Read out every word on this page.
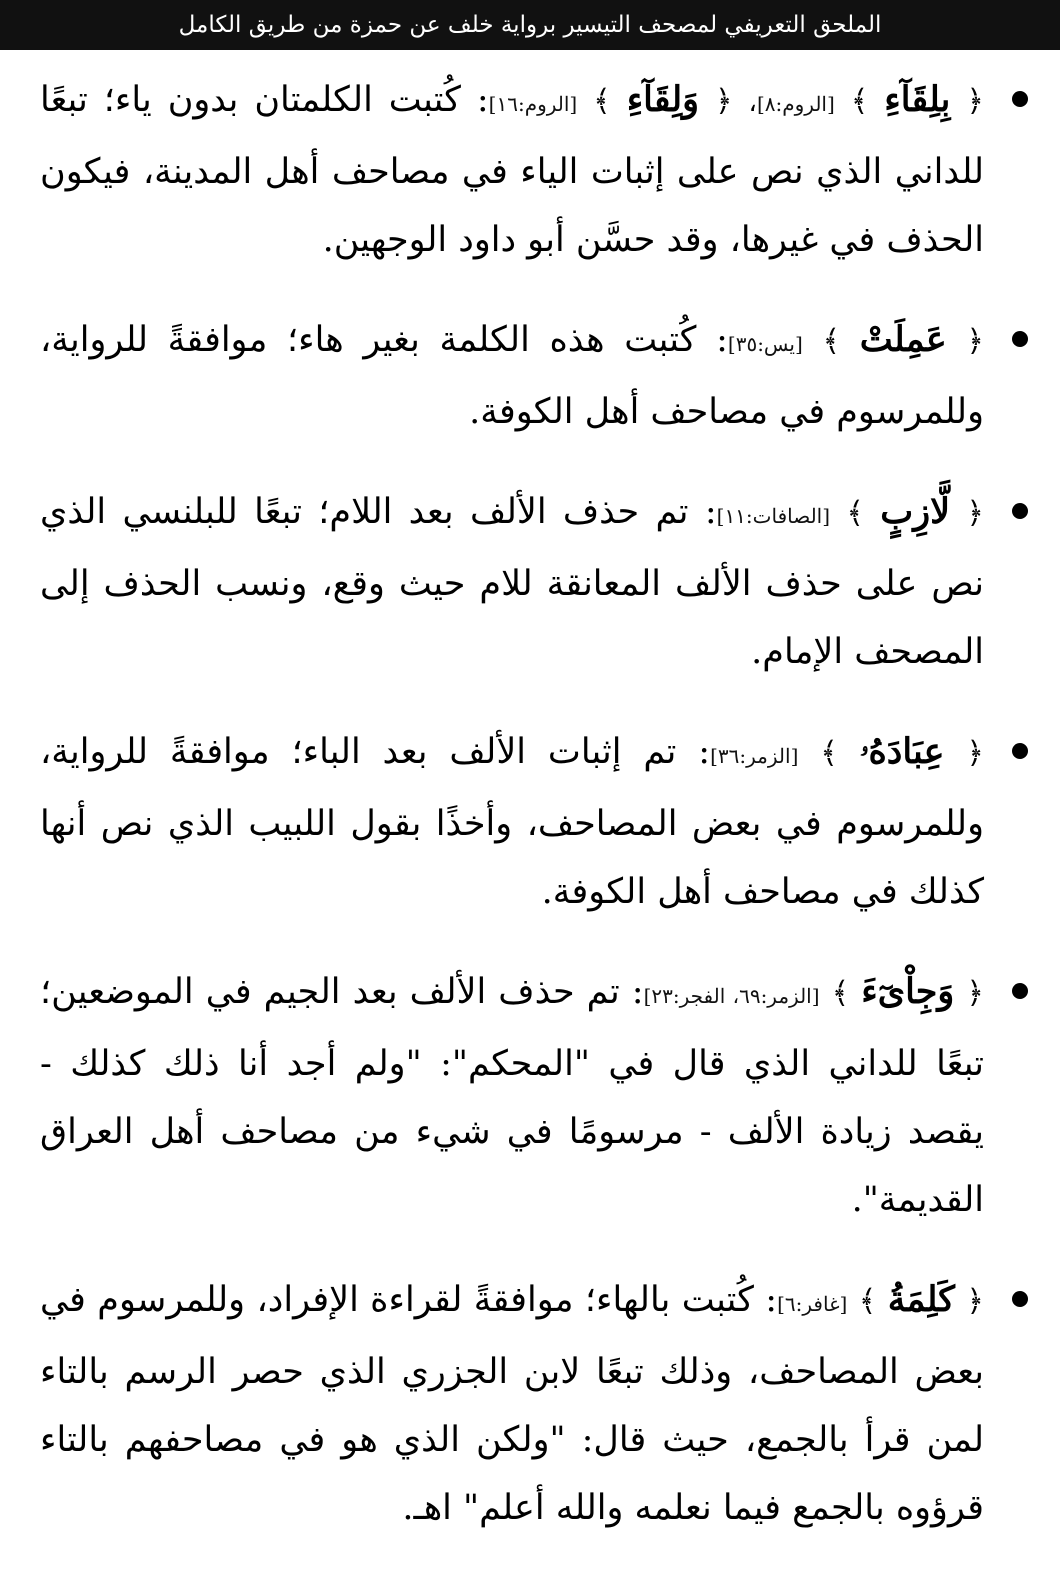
الملحق التعريفي لمصحف التيسير برواية خلف عن حمزة من طريق الكامل
﴿ بِلِقَآءِ ﴾ [الروم:٨]، ﴿ وَلِقَآءِ ﴾ [الروم:١٦]: كُتبت الكلمتان بدون ياء؛ تبعًا للداني الذي نص على إثبات الياء في مصاحف أهل المدينة، فيكون الحذف في غيرها، وقد حسَّن أبو داود الوجهين.
﴿ عَمِلَتْ ﴾ [يس:٣٥]: كُتبت هذه الكلمة بغير هاء؛ موافقةً للرواية، وللمرسوم في مصاحف أهل الكوفة.
﴿ لَّازِبٍ ﴾ [الصافات:١١]: تم حذف الألف بعد اللام؛ تبعًا للبلنسي الذي نص على حذف الألف المعانقة للام حيث وقع، ونسب الحذف إلى المصحف الإمام.
﴿ عِبَادَهُۥ ﴾ [الزمر:٣٦]: تم إثبات الألف بعد الباء؛ موافقةً للرواية، وللمرسوم في بعض المصاحف، وأخذًا بقول اللبيب الذي نص أنها كذلك في مصاحف أهل الكوفة.
﴿ وَجِاْىٓءَ ﴾ [الزمر:٦٩، الفجر:٢٣]: تم حذف الألف بعد الجيم في الموضعين؛ تبعًا للداني الذي قال في "المحكم": "ولم أجد أنا ذلك كذلك - يقصد زيادة الألف - مرسومًا في شيء من مصاحف أهل العراق القديمة".
﴿ كَلِمَةُ ﴾ [غافر:٦]: كُتبت بالهاء؛ موافقةً لقراءة الإفراد، وللمرسوم في بعض المصاحف، وذلك تبعًا لابن الجزري الذي حصر الرسم بالتاء لمن قرأ بالجمع، حيث قال: "ولكن الذي هو في مصاحفهم بالتاء قرؤوه بالجمع فيما نعلمه والله أعلم" اهـ.
